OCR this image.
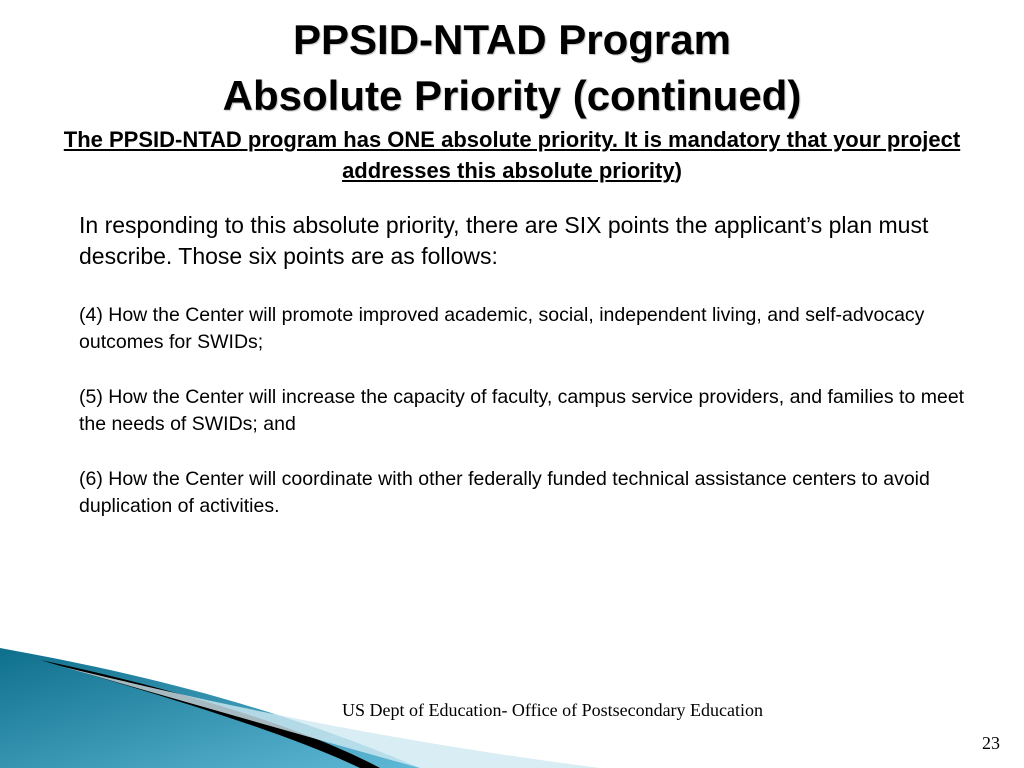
PPSID-NTAD Program
Absolute Priority (continued)
The PPSID-NTAD program has ONE absolute priority. It is mandatory that your project addresses this absolute priority)

In responding to this absolute priority, there are SIX points the applicant’s plan must describe. Those six points are as follows:

(4) How the Center will promote improved academic, social, independent living, and self-advocacy outcomes for SWIDs;

(5) How the Center will increase the capacity of faculty, campus service providers, and families to meet the needs of SWIDs; and

(6) How the Center will coordinate with other federally funded technical assistance centers to avoid duplication of activities.

US Dept of Education- Office of Postsecondary Education
23
